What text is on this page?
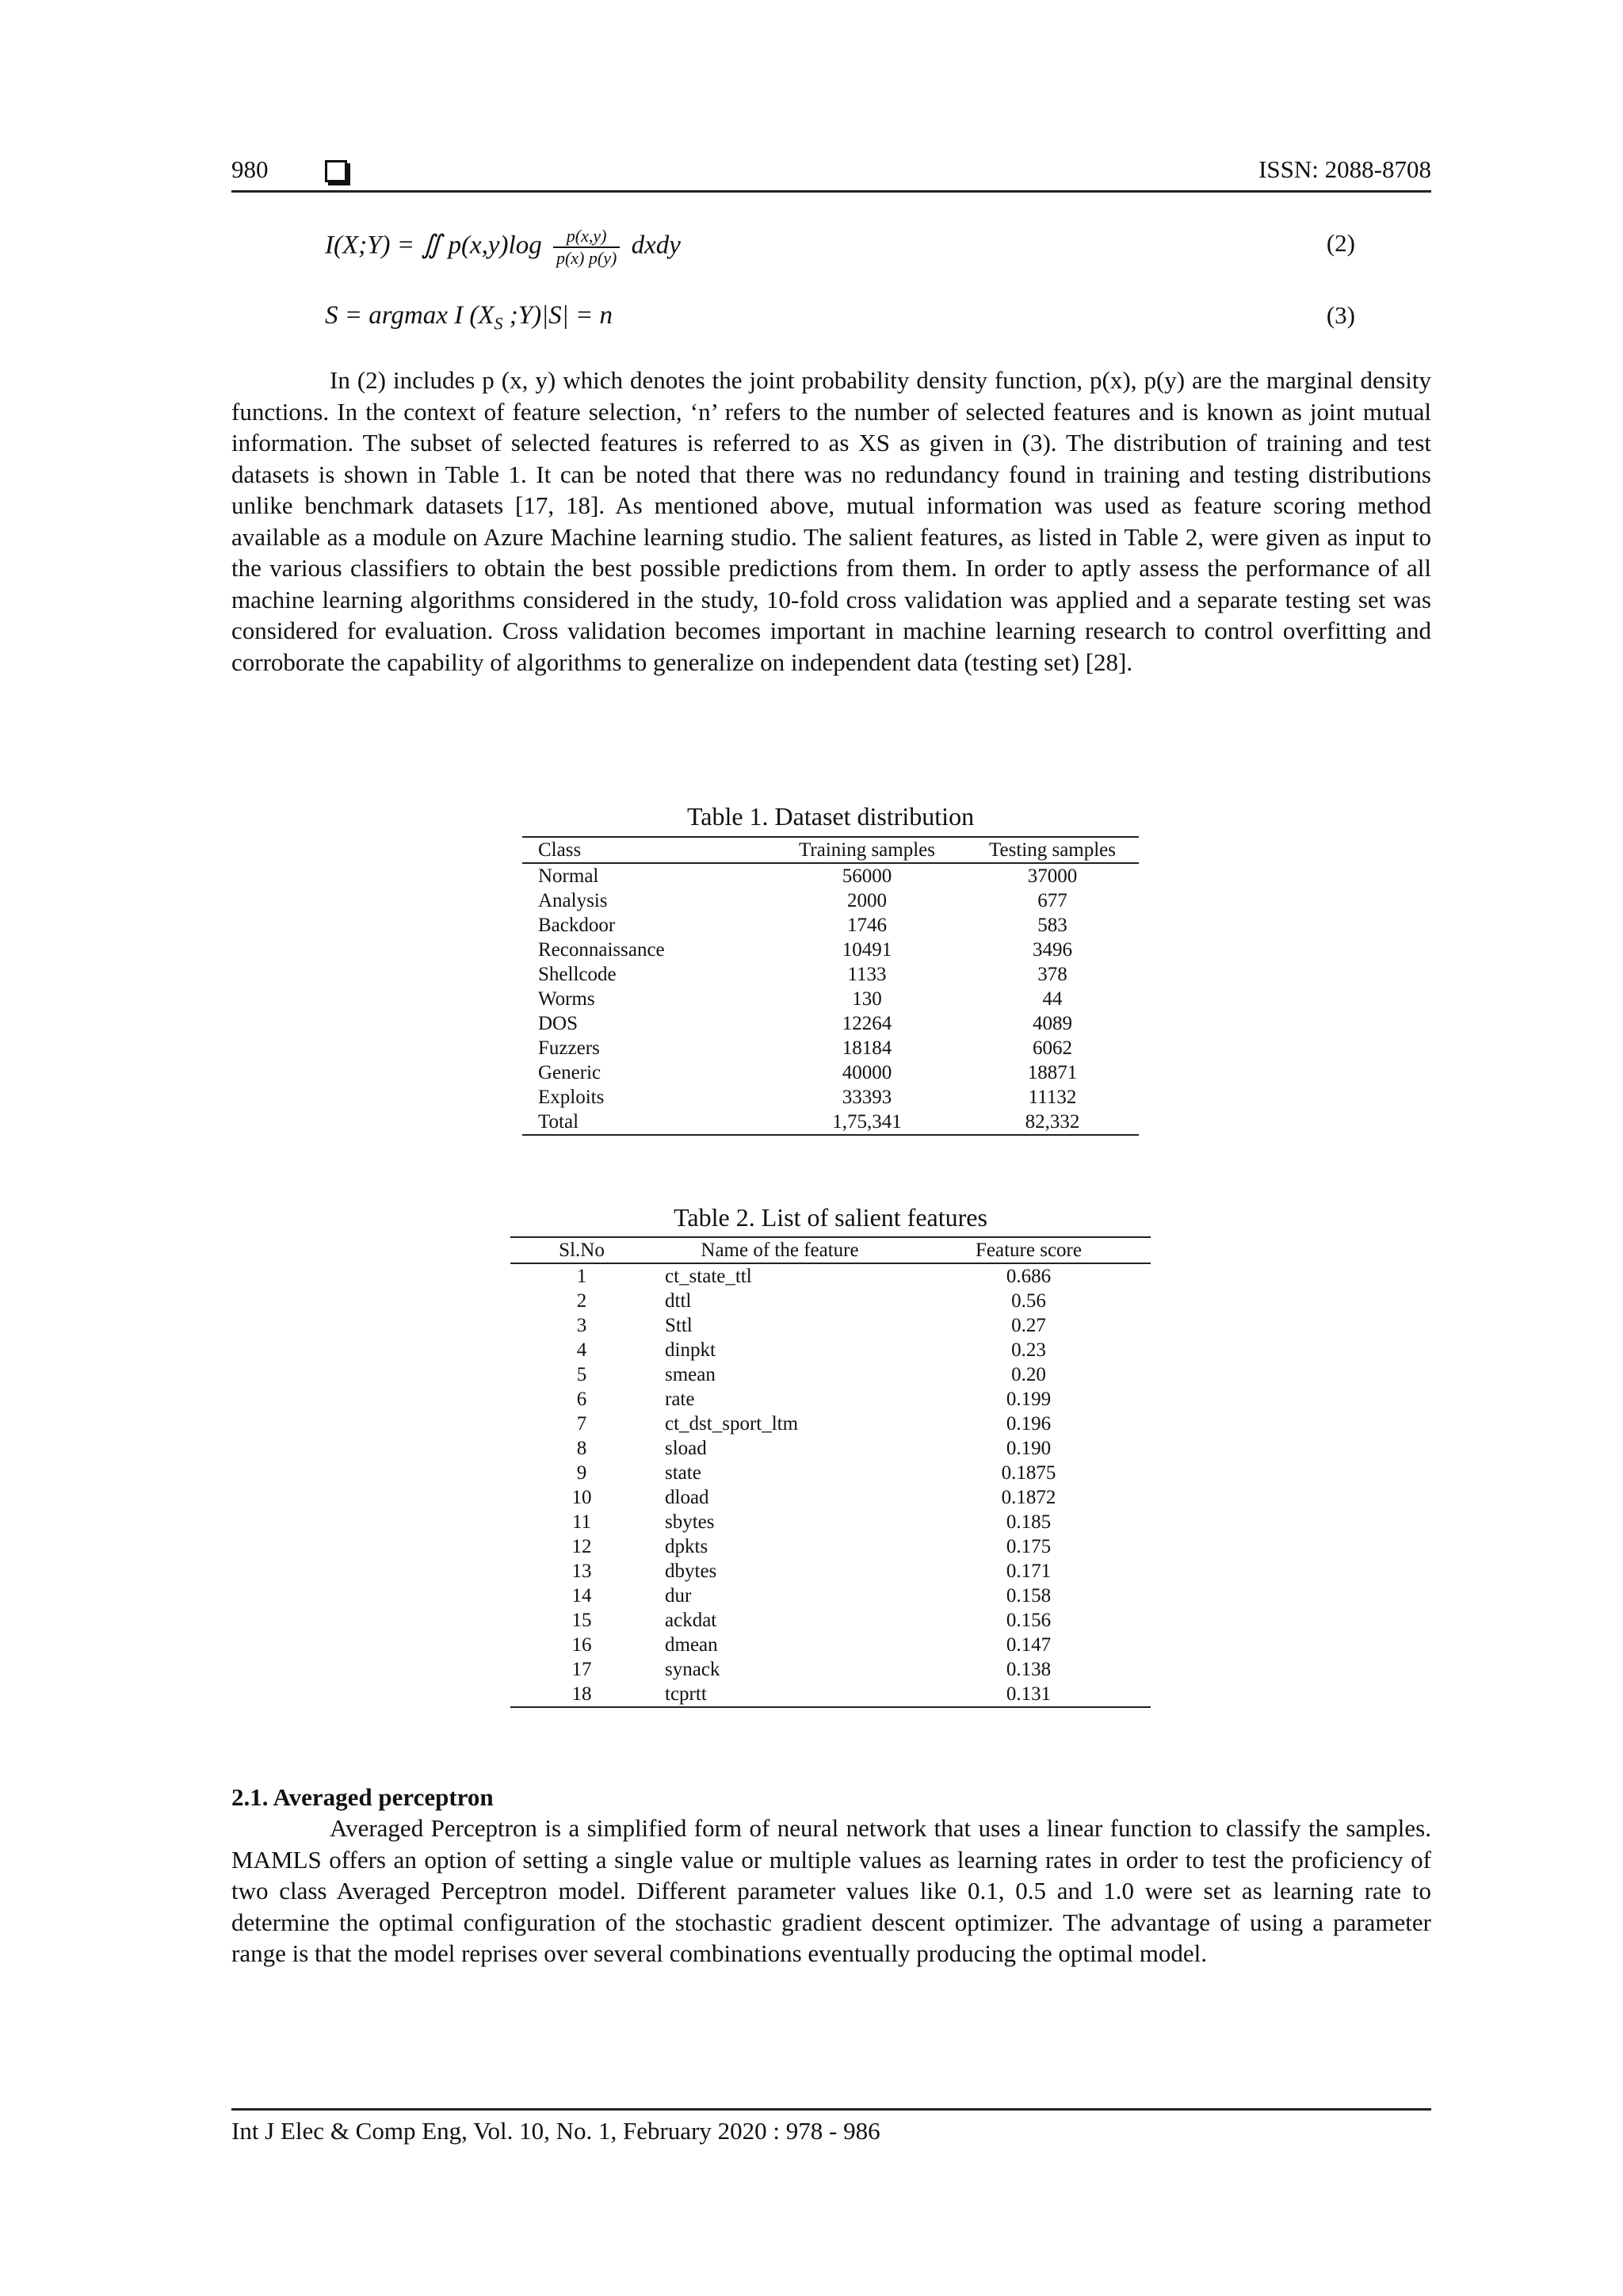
980	ISSN: 2088-8708
I(X;Y) = ∬ $p(x,y)\log \frac{p(x,y)}{p(x) p(y)}$ dxdy	(2)
S = argmax I ($X_S$ ;Y)|S| = n	(3)

In (2) includes p (x, y) which denotes the joint probability density function, p(x), p(y) are the marginal density functions. In the context of feature selection, ‘n’ refers to the number of selected features and is known as joint mutual information. The subset of selected features is referred to as XS as given in (3). The distribution of training and test datasets is shown in Table 1. It can be noted that there was no redundancy found in training and testing distributions unlike benchmark datasets [17, 18]. As mentioned above, mutual information was used as feature scoring method available as a module on Azure Machine learning studio. The salient features, as listed in Table 2, were given as input to the various classifiers to obtain the best possible predictions from them. In order to aptly assess the performance of all machine learning algorithms considered in the study, 10-fold cross validation was applied and a separate testing set was considered for evaluation. Cross validation becomes important in machine learning research to control overfitting and corroborate the capability of algorithms to generalize on independent data (testing set) [28].

Table 1. Dataset distribution
Class	Training samples	Testing samples
Normal	56000	37000
Analysis	2000	677
Backdoor	1746	583
Reconnaissance	10491	3496
Shellcode	1133	378
Worms	130	44
DOS	12264	4089
Fuzzers	18184	6062
Generic	40000	18871
Exploits	33393	11132
Total	1,75,341	82,332
Table 2. List of salient features
Sl.No	Name of the feature	Feature score
1	ct_state_ttl	0.686
2	dttl	0.56
3	Sttl	0.27
4	dinpkt	0.23
5	smean	0.20
6	rate	0.199
7	ct_dst_sport_ltm	0.196
8	sload	0.190
9	state	0.1875
10	dload	0.1872
11	sbytes	0.185
12	dpkts	0.175
13	dbytes	0.171
14	dur	0.158
15	ackdat	0.156
16	dmean	0.147
17	synack	0.138
18	tcprtt	0.131
2.1. Averaged perceptron

Averaged Perceptron is a simplified form of neural network that uses a linear function to classify the samples. MAMLS offers an option of setting a single value or multiple values as learning rates in order to test the proficiency of two class Averaged Perceptron model. Different parameter values like 0.1, 0.5 and 1.0 were set as learning rate to determine the optimal configuration of the stochastic gradient descent optimizer. The advantage of using a parameter range is that the model reprises over several combinations eventually producing the optimal model.

Int J Elec & Comp Eng, Vol. 10, No. 1, February 2020 : 978 - 986
